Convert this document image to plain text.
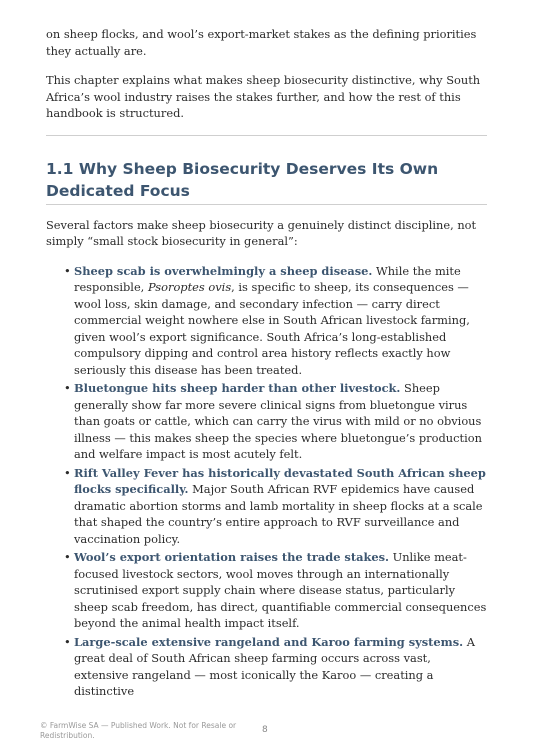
on sheep flocks, and wool’s export-market stakes as the defining priorities they actually are.

This chapter explains what makes sheep biosecurity distinctive, why South Africa’s wool industry raises the stakes further, and how the rest of this handbook is structured.

1.1 Why Sheep Biosecurity Deserves Its Own Dedicated Focus

Several factors make sheep biosecurity a genuinely distinct discipline, not simply “small stock biosecurity in general”:

• Sheep scab is overwhelmingly a sheep disease. While the mite responsible, Psoroptes ovis, is specific to sheep, its consequences — wool loss, skin damage, and secondary infection — carry direct commercial weight nowhere else in South African livestock farming, given wool’s export significance. South Africa’s long-established compulsory dipping and control area history reflects exactly how seriously this disease has been treated.
• Bluetongue hits sheep harder than other livestock. Sheep generally show far more severe clinical signs from bluetongue virus than goats or cattle, which can carry the virus with mild or no obvious illness — this makes sheep the species where bluetongue’s production and welfare impact is most acutely felt.
• Rift Valley Fever has historically devastated South African sheep flocks specifically. Major South African RVF epidemics have caused dramatic abortion storms and lamb mortality in sheep flocks at a scale that shaped the country’s entire approach to RVF surveillance and vaccination policy.
• Wool’s export orientation raises the trade stakes. Unlike meat-focused livestock sectors, wool moves through an internationally scrutinised export supply chain where disease status, particularly sheep scab freedom, has direct, quantifiable commercial consequences beyond the animal health impact itself.
• Large-scale extensive rangeland and Karoo farming systems. A great deal of South African sheep farming occurs across vast, extensive rangeland — most iconically the Karoo — creating a distinctive
© FarmWise SA — Published Work. Not for Resale or Redistribution.
8
